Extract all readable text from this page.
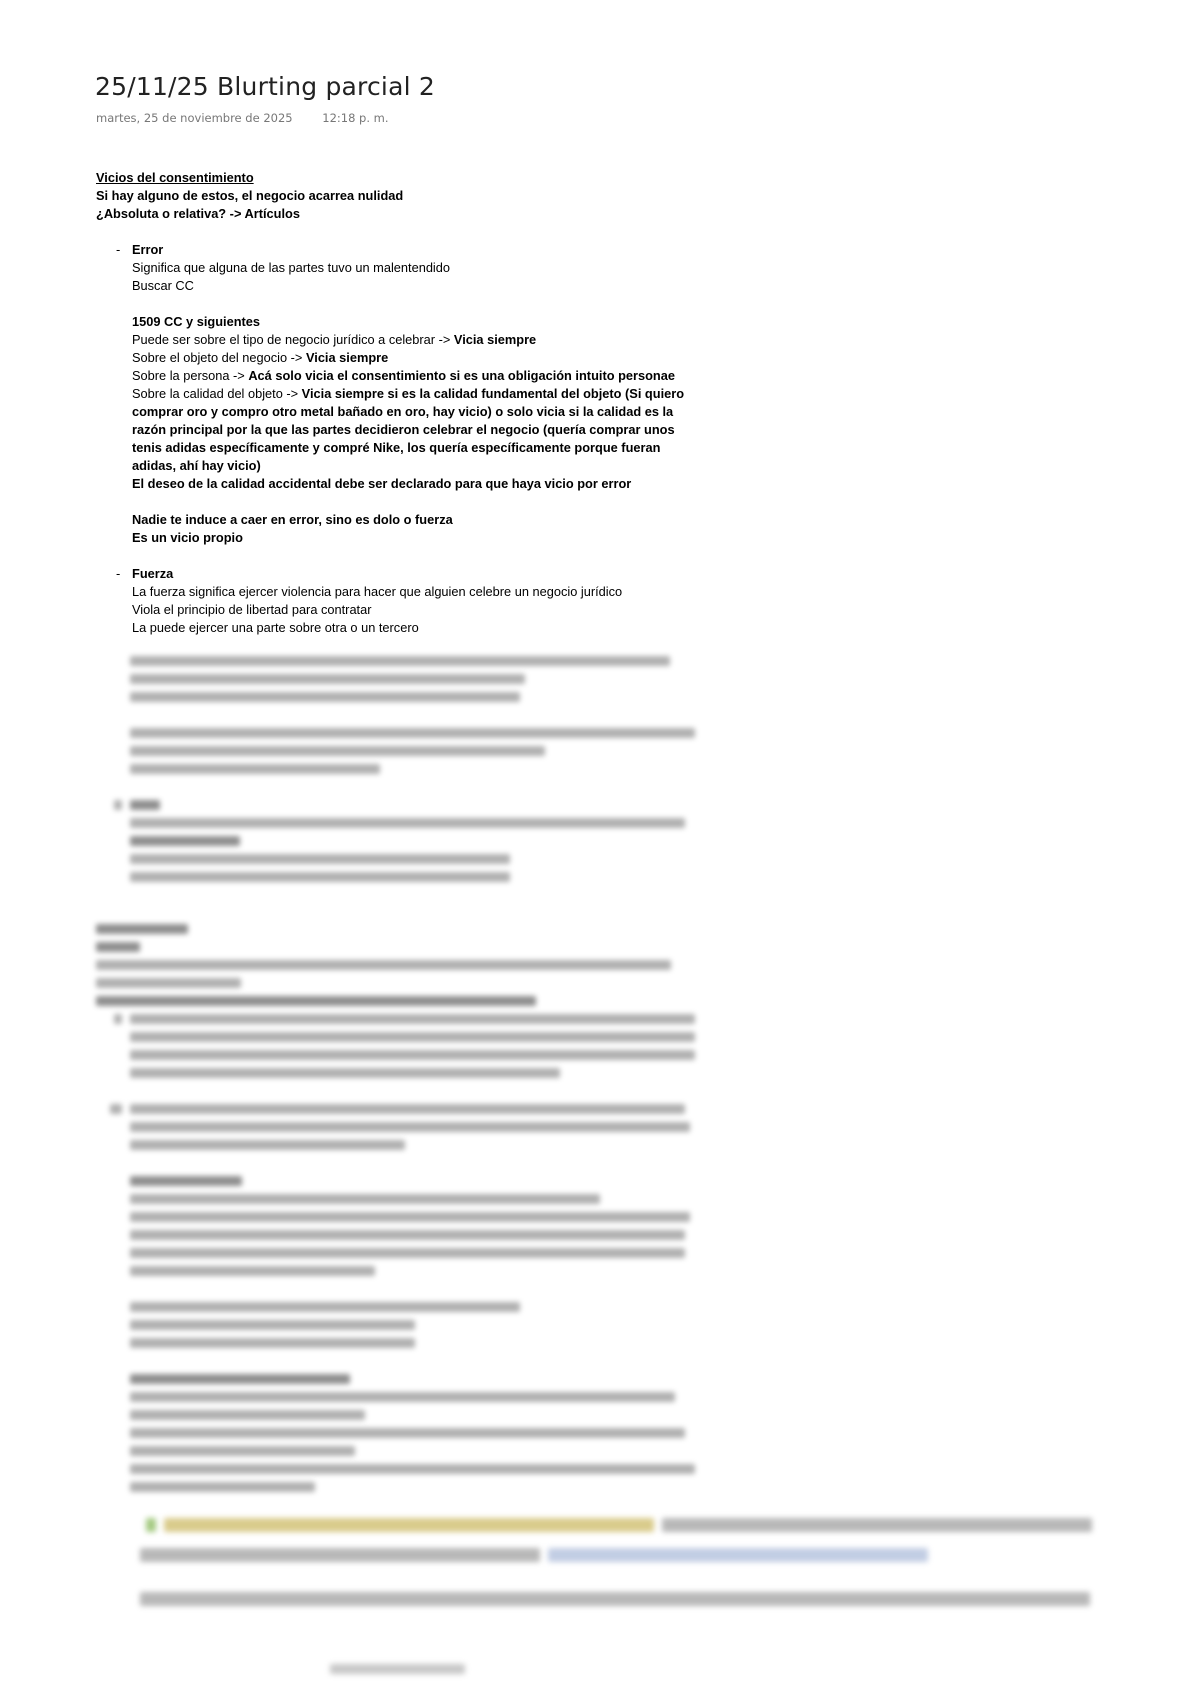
25/11/25 Blurting parcial 2
martes, 25 de noviembre de 2025	12:18 p. m.
Vicios del consentimiento
Si hay alguno de estos, el negocio acarrea nulidad
¿Absoluta o relativa? -> Artículos
- Error
Significa que alguna de las partes tuvo un malentendido
Buscar CC
1509 CC y siguientes
Puede ser sobre el tipo de negocio jurídico a celebrar -> Vicia siempre
Sobre el objeto del negocio -> Vicia siempre
Sobre la persona -> Acá solo vicia el consentimiento si es una obligación intuito personae
Sobre la calidad del objeto -> Vicia siempre si es la calidad fundamental del objeto (Si quiero
comprar oro y compro otro metal bañado en oro, hay vicio) o solo vicia si la calidad es la
razón principal por la que las partes decidieron celebrar el negocio (quería comprar unos
tenis adidas específicamente y compré Nike, los quería específicamente porque fueran
adidas, ahí hay vicio)
El deseo de la calidad accidental debe ser declarado para que haya vicio por error
Nadie te induce a caer en error, sino es dolo o fuerza
Es un vicio propio
- Fuerza
La fuerza significa ejercer violencia para hacer que alguien celebre un negocio jurídico
Viola el principio de libertad para contratar
La puede ejercer una parte sobre otra o un tercero
